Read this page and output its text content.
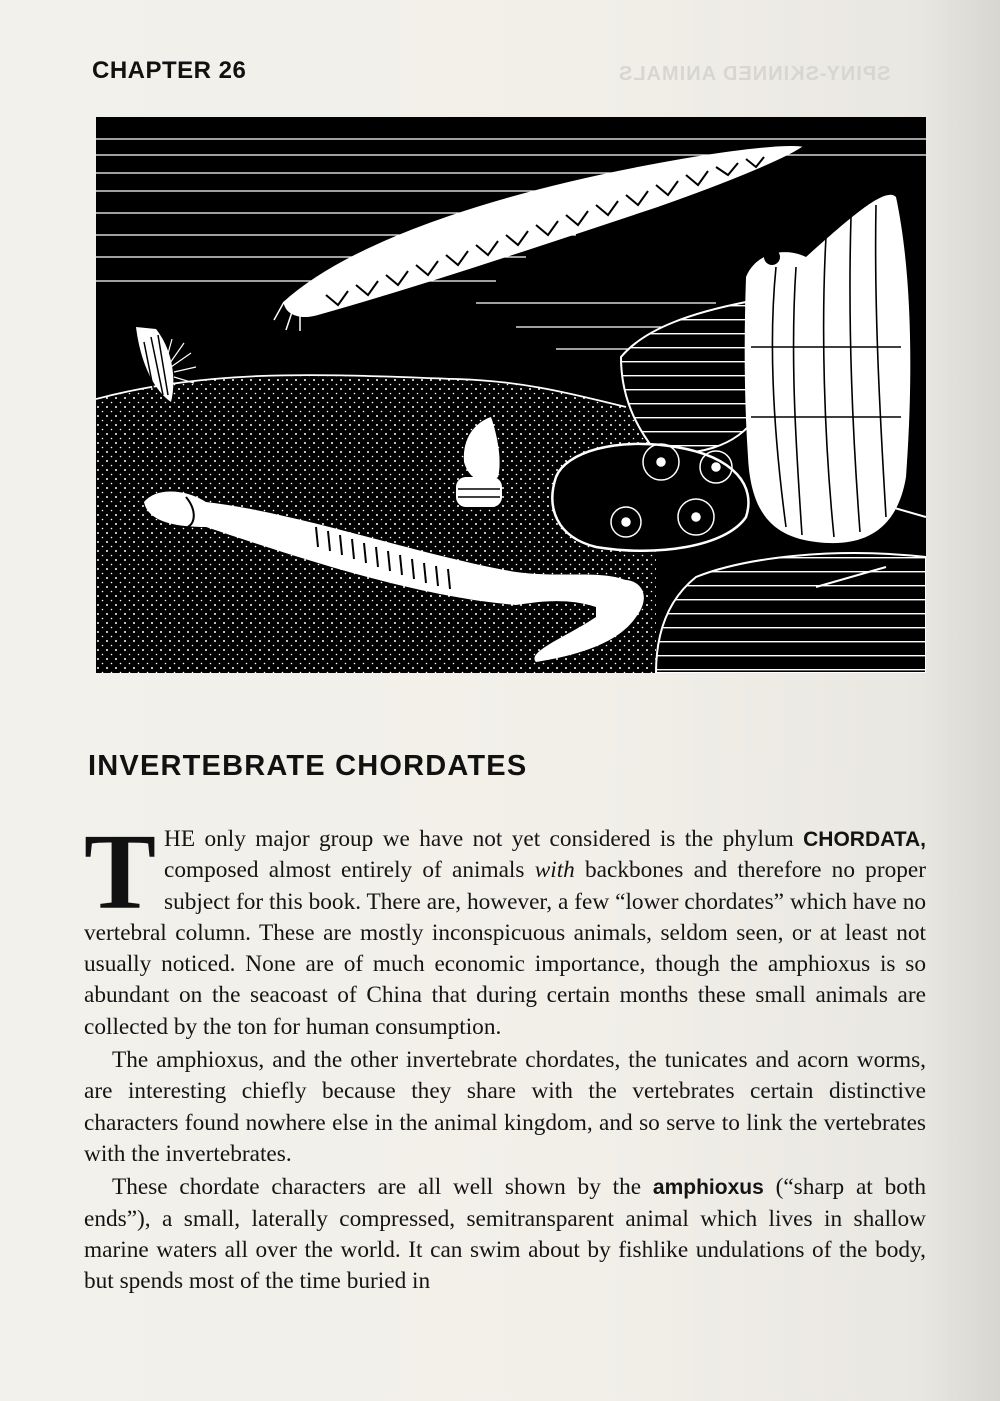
CHAPTER 26	SPINY-SKINNED ANIMALS
INVERTEBRATE CHORDATES

THE only major group we have not yet considered is the phylum CHORDATA, composed almost entirely of animals with backbones and therefore no proper subject for this book. There are, however, a few “lower chordates” which have no vertebral column. These are mostly inconspicuous animals, seldom seen, or at least not usually noticed. None are of much economic importance, though the amphioxus is so abundant on the seacoast of China that during certain months these small animals are collected by the ton for human consumption.

The amphioxus, and the other invertebrate chordates, the tunicates and acorn worms, are interesting chiefly because they share with the vertebrates certain distinctive characters found nowhere else in the animal kingdom, and so serve to link the vertebrates with the invertebrates.

These chordate characters are all well shown by the amphioxus (“sharp at both ends”), a small, laterally compressed, semitransparent animal which lives in shallow marine waters all over the world. It can swim about by fishlike undulations of the body, but spends most of the time buried in
